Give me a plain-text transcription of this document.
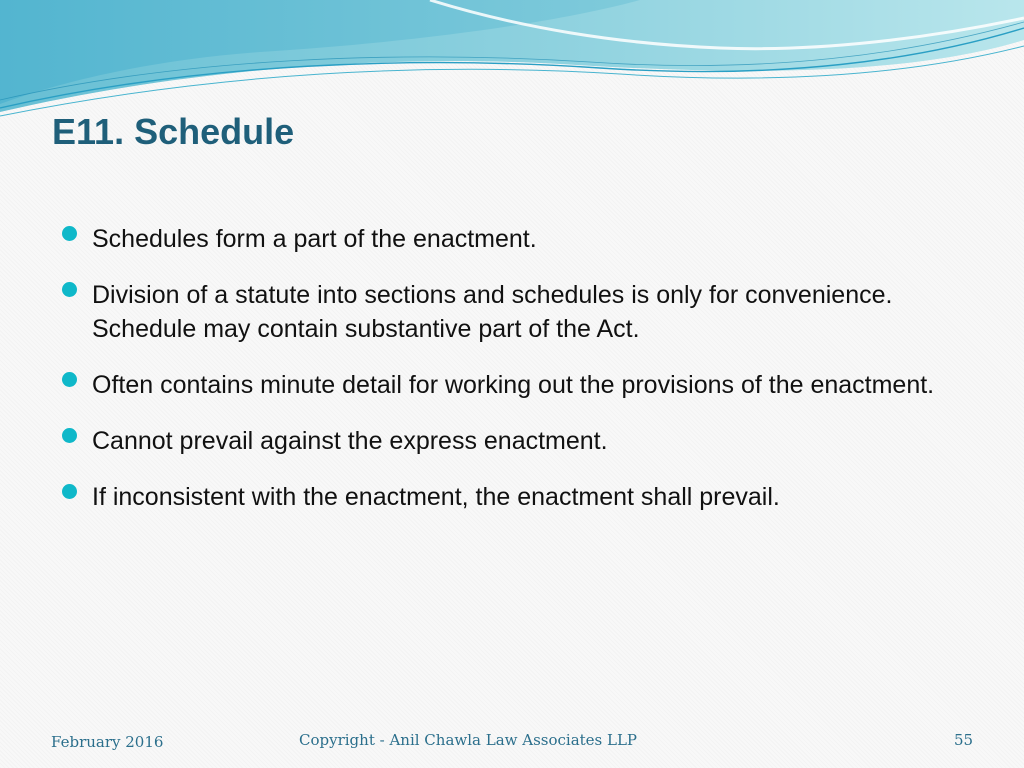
E11. Schedule
Schedules form a part of the enactment.
Division of a statute into sections and schedules is only for convenience. Schedule may contain substantive part of the Act.
Often contains minute detail for working out the provisions of the enactment.
Cannot prevail against the express enactment.
If inconsistent with the enactment, the enactment shall prevail.
February 2016	Copyright - Anil Chawla Law Associates LLP	55
